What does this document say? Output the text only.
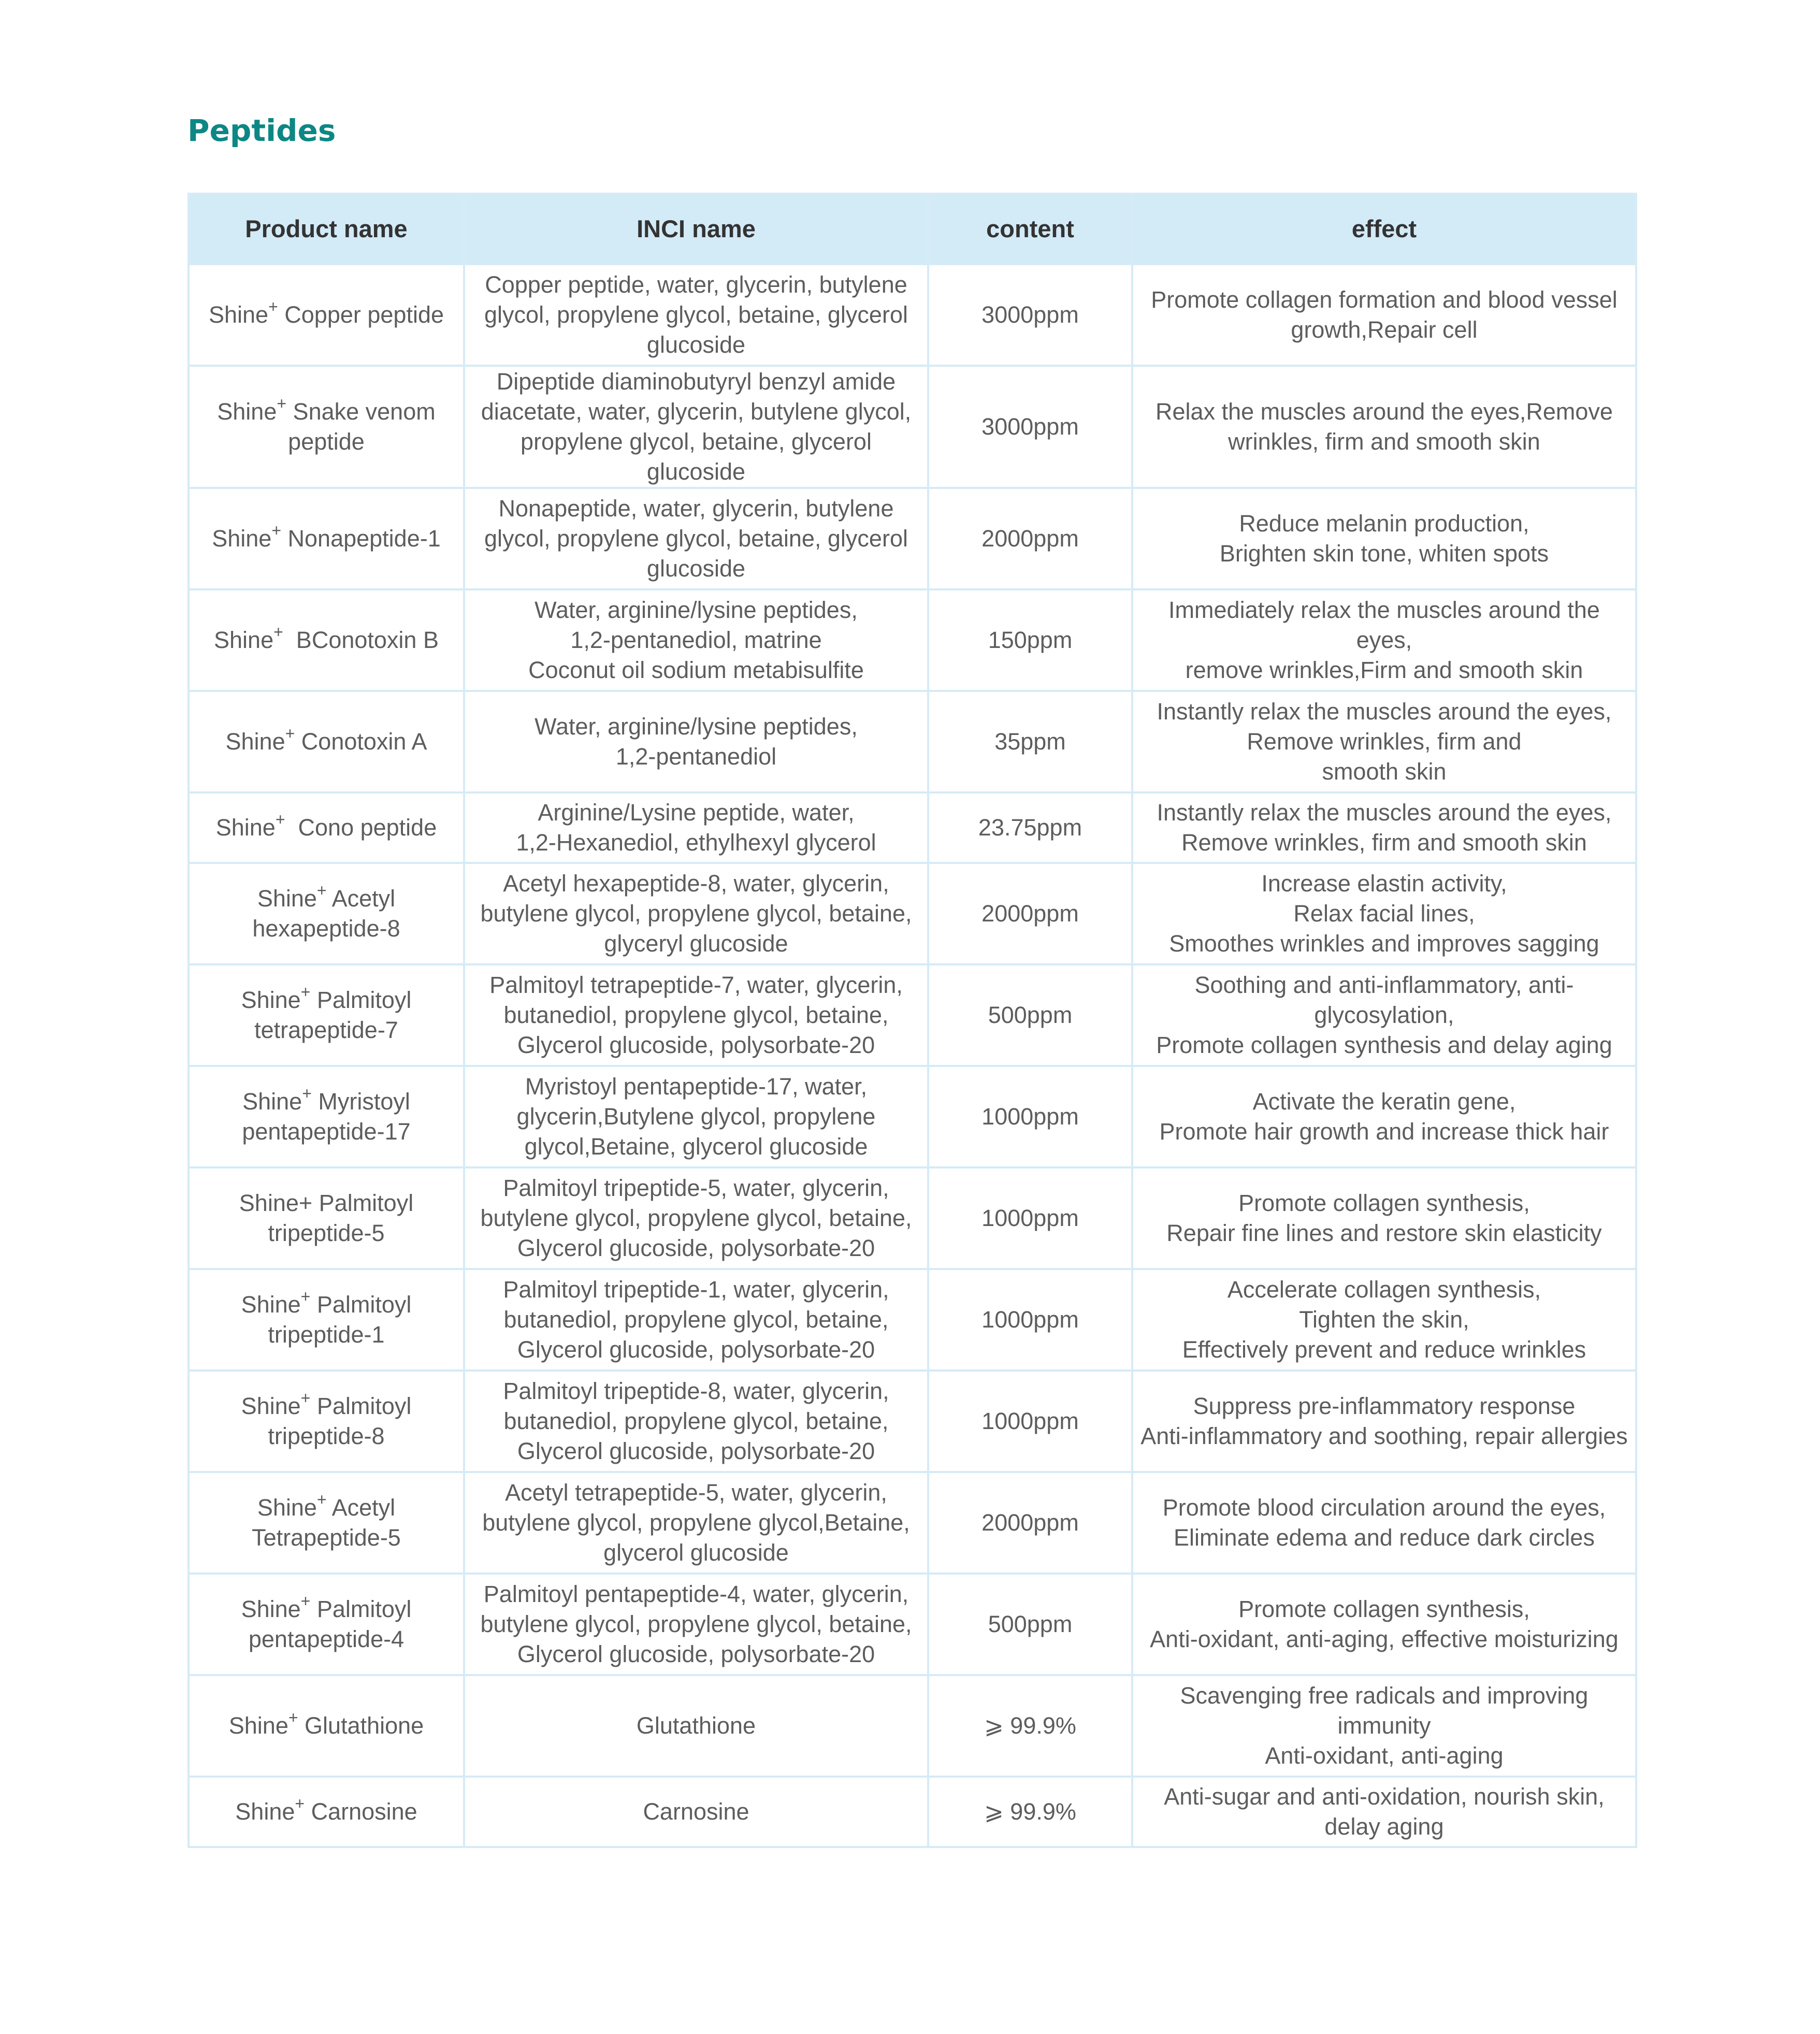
Peptides
Product name	INCI name	content	effect
Shine+ Copper peptide	Copper peptide, water, glycerin, butylene
glycol, propylene glycol, betaine, glycerol
glucoside	3000ppm	Promote collagen formation and blood vessel
growth,Repair cell

Shine+ Snake venom peptide	Dipeptide diaminobutyryl benzyl amide
diacetate, water, glycerin, butylene glycol,
propylene glycol, betaine, glycerol glucoside	3000ppm	Relax the muscles around the eyes,Remove
wrinkles, firm and smooth skin

Shine+ Nonapeptide-1	Nonapeptide, water, glycerin, butylene
glycol, propylene glycol, betaine, glycerol
glucoside	2000ppm	Reduce melanin production,
Brighten skin tone, whiten spots

Shine+  BConotoxin B	Water, arginine/lysine peptides,
1,2-pentanediol, matrine
Coconut oil sodium metabisulfite	150ppm	Immediately relax the muscles around the eyes,
remove wrinkles,Firm and smooth skin

Shine+ Conotoxin A	Water, arginine/lysine peptides,
1,2-pentanediol	35ppm	Instantly relax the muscles around the eyes,
Remove wrinkles, firm and
smooth skin

Shine+  Cono peptide	Arginine/Lysine peptide, water,
1,2-Hexanediol, ethylhexyl glycerol	23.75ppm	Instantly relax the muscles around the eyes,
Remove wrinkles, firm and smooth skin

Shine+ Acetyl hexapeptide-8	Acetyl hexapeptide-8, water, glycerin,
butylene glycol, propylene glycol, betaine,
glyceryl glucoside	2000ppm	Increase elastin activity,
Relax facial lines,
Smoothes wrinkles and improves sagging

Shine+ Palmitoyl tetrapeptide-7	Palmitoyl tetrapeptide-7, water, glycerin,
butanediol, propylene glycol, betaine,
Glycerol glucoside, polysorbate-20	500ppm	Soothing and anti-inflammatory, anti-
glycosylation,
Promote collagen synthesis and delay aging

Shine+ Myristoyl pentapeptide-17	Myristoyl pentapeptide-17, water,
glycerin,Butylene glycol, propylene
glycol,Betaine, glycerol glucoside	1000ppm	Activate the keratin gene,
Promote hair growth and increase thick hair

Shine+ Palmitoyl tripeptide-5	Palmitoyl tripeptide-5, water, glycerin,
butylene glycol, propylene glycol, betaine,
Glycerol glucoside, polysorbate-20	1000ppm	Promote collagen synthesis,
Repair fine lines and restore skin elasticity

Shine+ Palmitoyl tripeptide-1	Palmitoyl tripeptide-1, water, glycerin,
butanediol, propylene glycol, betaine,
Glycerol glucoside, polysorbate-20	1000ppm	Accelerate collagen synthesis,
Tighten the skin,
Effectively prevent and reduce wrinkles

Shine+ Palmitoyl tripeptide-8	Palmitoyl tripeptide-8, water, glycerin,
butanediol, propylene glycol, betaine,
Glycerol glucoside, polysorbate-20	1000ppm	Suppress pre-inflammatory response
Anti-inflammatory and soothing, repair allergies

Shine+ Acetyl Tetrapeptide-5	Acetyl tetrapeptide-5, water, glycerin,
butylene glycol, propylene glycol,Betaine,
glycerol glucoside	2000ppm	Promote blood circulation around the eyes,
Eliminate edema and reduce dark circles

Shine+ Palmitoyl pentapeptide-4	Palmitoyl pentapeptide-4, water, glycerin,
butylene glycol, propylene glycol, betaine,
Glycerol glucoside, polysorbate-20	500ppm	Promote collagen synthesis,
Anti-oxidant, anti-aging, effective moisturizing

Shine+ Glutathione	Glutathione	⩾ 99.9%	Scavenging free radicals and improving
immunity
Anti-oxidant, anti-aging

Shine+ Carnosine	Carnosine	⩾ 99.9%	Anti-sugar and anti-oxidation, nourish skin,
delay aging
